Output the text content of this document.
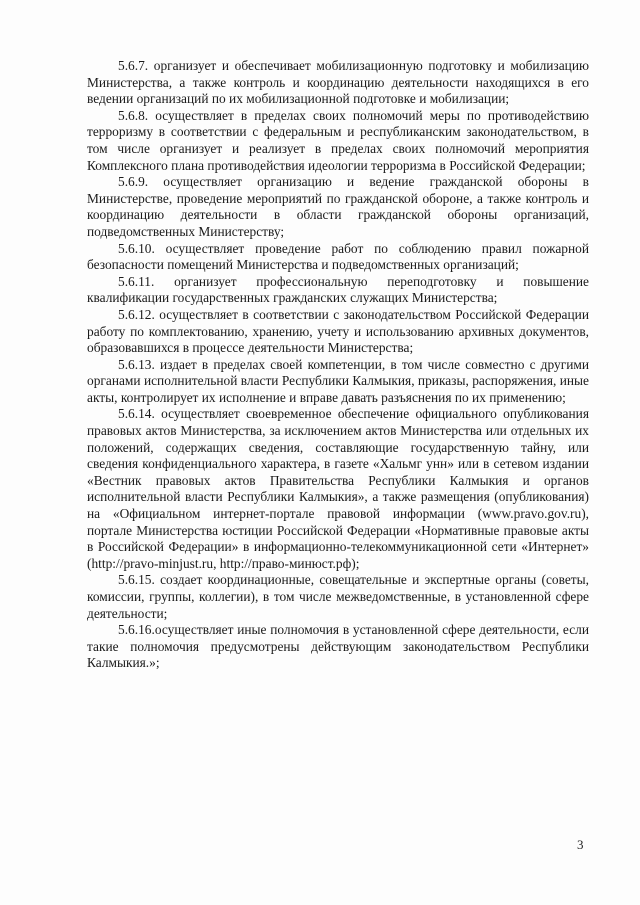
5.6.7. организует и обеспечивает мобилизационную подготовку и мобилизацию Министерства, а также контроль и координацию деятельности находящихся в его ведении организаций по их мобилизационной подготовке и мобилизации;

5.6.8. осуществляет в пределах своих полномочий меры по противодействию терроризму в соответствии с федеральным и республиканским законодательством, в том числе организует и реализует в пределах своих полномочий мероприятия Комплексного плана противодействия идеологии терроризма в Российской Федерации;

5.6.9. осуществляет организацию и ведение гражданской обороны в Министерстве, проведение мероприятий по гражданской обороне, а также контроль и координацию деятельности в области гражданской обороны организаций, подведомственных Министерству;

5.6.10. осуществляет проведение работ по соблюдению правил пожарной безопасности помещений Министерства и подведомственных организаций;

5.6.11. организует профессиональную переподготовку и повышение квалификации государственных гражданских служащих Министерства;

5.6.12. осуществляет в соответствии с законодательством Российской Федерации работу по комплектованию, хранению, учету и использованию архивных документов, образовавшихся в процессе деятельности Министерства;

5.6.13. издает в пределах своей компетенции, в том числе совместно с другими органами исполнительной власти Республики Калмыкия, приказы, распоряжения, иные акты, контролирует их исполнение и вправе давать разъяснения по их применению;

5.6.14. осуществляет своевременное обеспечение официального опубликования правовых актов Министерства, за исключением актов Министерства или отдельных их положений, содержащих сведения, составляющие государственную тайну, или сведения конфиденциального характера, в газете «Хальмг унн» или в сетевом издании «Вестник правовых актов Правительства Республики Калмыкия и органов исполнительной власти Республики Калмыкия», а также размещения (опубликования) на «Официальном интернет-портале правовой информации (www.pravo.gov.ru), портале Министерства юстиции Российской Федерации «Нормативные правовые акты в Российской Федерации» в информационно-телекоммуникационной сети «Интернет» (http://pravo-minjust.ru, http://право-минюст.рф);

5.6.15. создает координационные, совещательные и экспертные органы (советы, комиссии, группы, коллегии), в том числе межведомственные, в установленной сфере деятельности;

5.6.16.осуществляет иные полномочия в установленной сфере деятельности, если такие полномочия предусмотрены действующим законодательством Республики Калмыкия.»;

3
